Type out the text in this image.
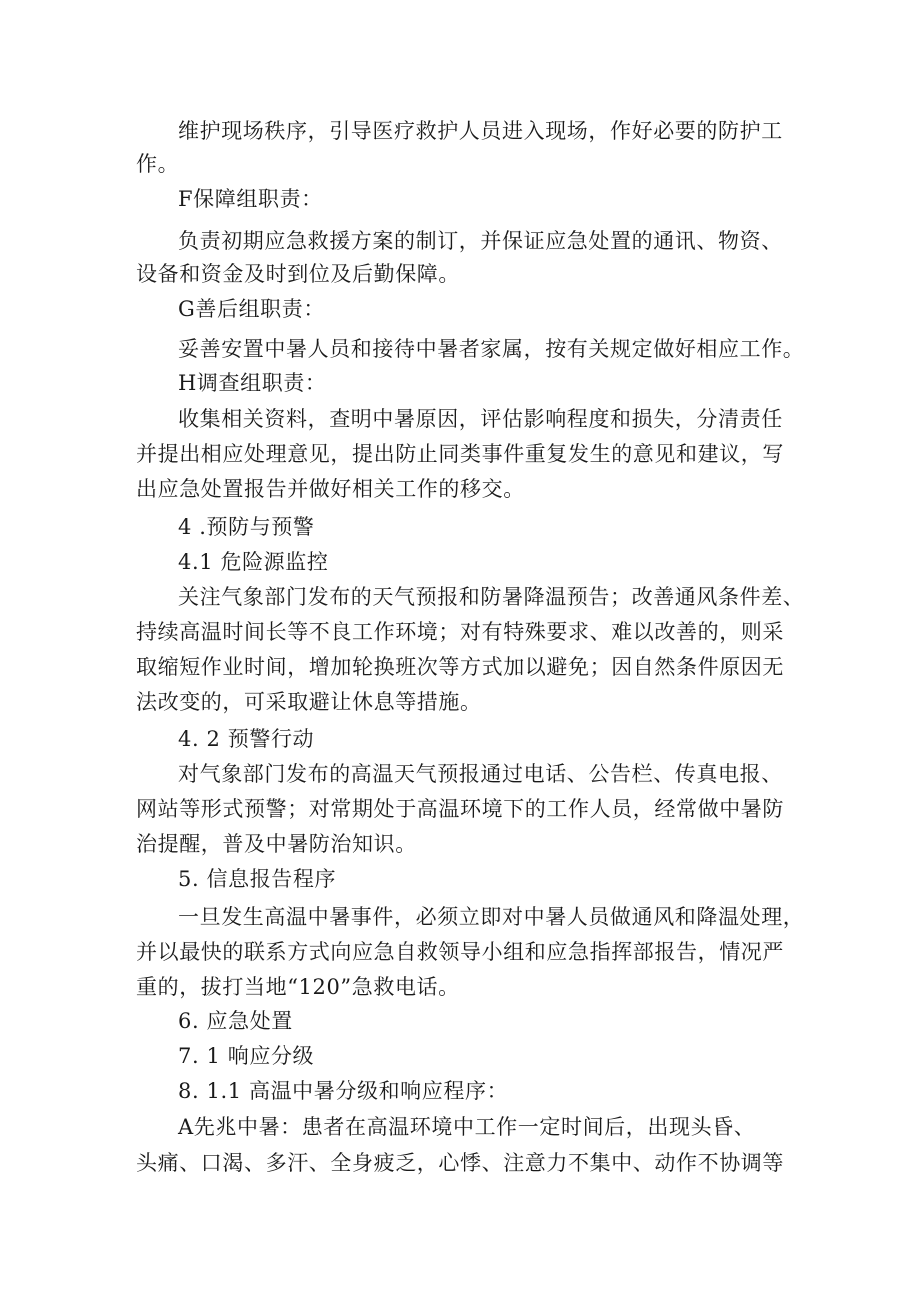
维护现场秩序，引导医疗救护人员进入现场，作好必要的防护工
作。
F保障组职责：
负责初期应急救援方案的制订，并保证应急处置的通讯、物资、
设备和资金及时到位及后勤保障。
G善后组职责：
妥善安置中暑人员和接待中暑者家属，按有关规定做好相应工作。
H调查组职责：
收集相关资料，查明中暑原因，评估影响程度和损失，分清责任
并提出相应处理意见，提出防止同类事件重复发生的意见和建议，写
出应急处置报告并做好相关工作的移交。
4 .预防与预警
4.1 危险源监控
关注气象部门发布的天气预报和防暑降温预告；改善通风条件差、
持续高温时间长等不良工作环境；对有特殊要求、难以改善的，则采
取缩短作业时间，增加轮换班次等方式加以避免；因自然条件原因无
法改变的，可采取避让休息等措施。
4. 2 预警行动
对气象部门发布的高温天气预报通过电话、公告栏、传真电报、
网站等形式预警；对常期处于高温环境下的工作人员，经常做中暑防
治提醒，普及中暑防治知识。
5. 信息报告程序
一旦发生高温中暑事件，必须立即对中暑人员做通风和降温处理，
并以最快的联系方式向应急自救领导小组和应急指挥部报告，情况严
重的，拔打当地“120”急救电话。
6. 应急处置
7. 1 响应分级
8. 1.1 高温中暑分级和响应程序：
A先兆中暑：患者在高温环境中工作一定时间后，出现头昏、
头痛、口渴、多汗、全身疲乏，心悸、注意力不集中、动作不协调等
